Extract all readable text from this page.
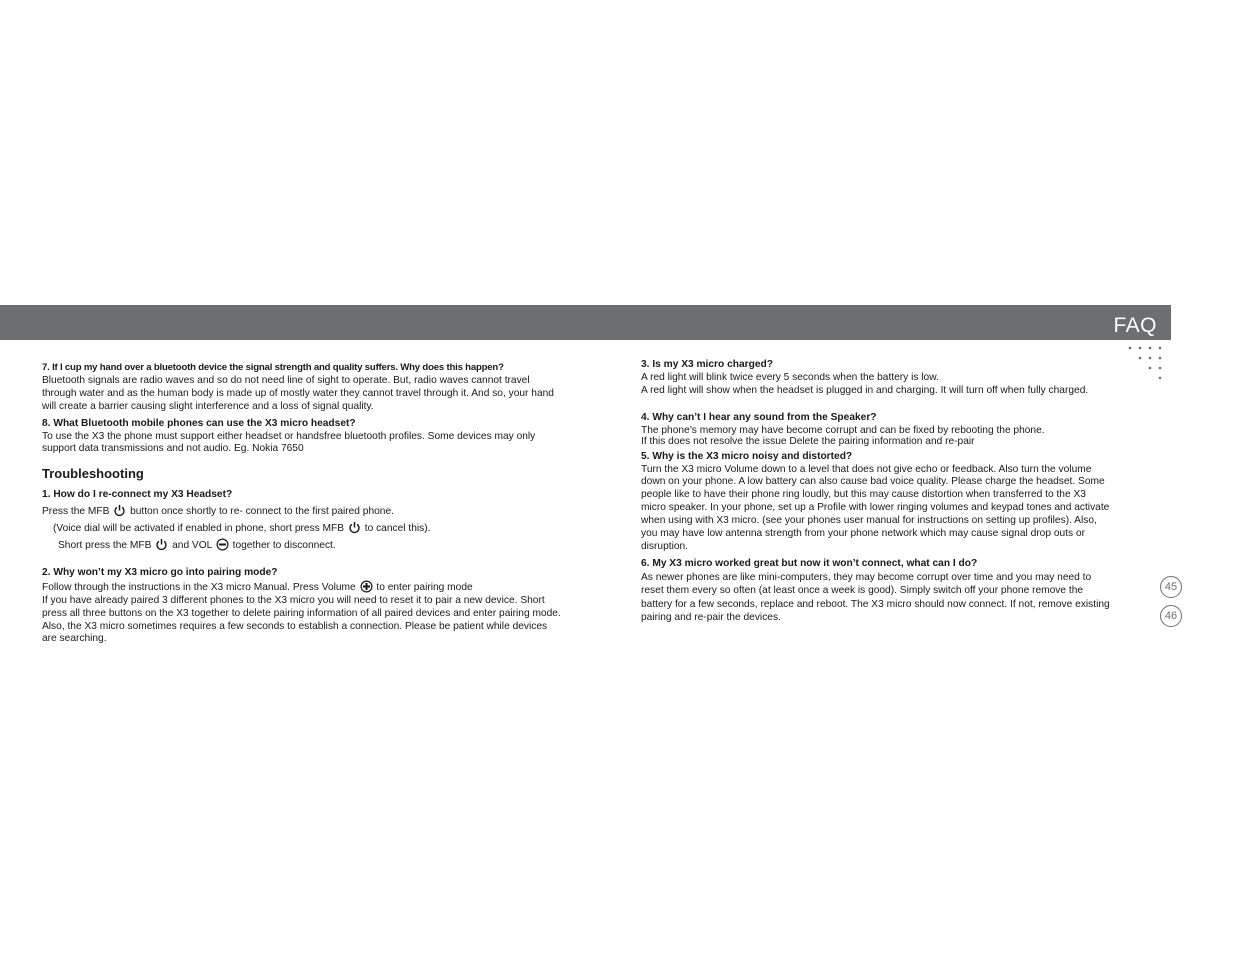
FAQ
45
46
7. If I cup my hand over a bluetooth device the signal strength and quality suffers. Why does this happen?
Bluetooth signals are radio waves and so do not need line of sight to operate. But, radio waves cannot travel through water and as the human body is made up of mostly water they cannot travel through it. And so, your hand will create a barrier causing slight interference and a loss of signal quality.
8. What Bluetooth mobile phones can use the X3 micro headset?
To use the X3 the phone must support either headset or handsfree bluetooth profiles. Some devices may only support data transmissions and not audio. Eg. Nokia 7650
Troubleshooting
1. How do I re-connect my X3 Headset?
Press the MFB button once shortly to re- connect to the first paired phone.
(Voice dial will be activated if enabled in phone, short press MFB to cancel this).
Short press the MFB and VOL together to disconnect.
2. Why won’t my X3 micro go into pairing mode?
Follow through the instructions in the X3 micro Manual. Press Volume to enter pairing mode
If you have already paired 3 different phones to the X3 micro you will need to reset it to pair a new device. Short press all three buttons on the X3 together to delete pairing information of all paired devices and enter pairing mode.
Also, the X3 micro sometimes requires a few seconds to establish a connection. Please be patient while devices are searching.
3. Is my X3 micro charged?
A red light will blink twice every 5 seconds when the battery is low.
A red light will show when the headset is plugged in and charging. It will turn off when fully charged.
4. Why can’t I hear any sound from the Speaker?
The phone’s memory may have become corrupt and can be fixed by rebooting the phone.
If this does not resolve the issue Delete the pairing information and re-pair
5. Why is the X3 micro noisy and distorted?
Turn the X3 micro Volume down to a level that does not give echo or feedback. Also turn the volume down on your phone. A low battery can also cause bad voice quality. Please charge the headset. Some people like to have their phone ring loudly, but this may cause distortion when transferred to the X3 micro speaker. In your phone, set up a Profile with lower ringing volumes and keypad tones and activate when using with X3 micro. (see your phones user manual for instructions on setting up profiles). Also, you may have low antenna strength from your phone network which may cause signal drop outs or disruption.
6. My X3 micro worked great but now it won’t connect, what can I do?
As newer phones are like mini-computers, they may become corrupt over time and you may need to reset them every so often (at least once a week is good). Simply switch off your phone remove the battery for a few seconds, replace and reboot. The X3 micro should now connect. If not, remove existing pairing and re-pair the devices.
